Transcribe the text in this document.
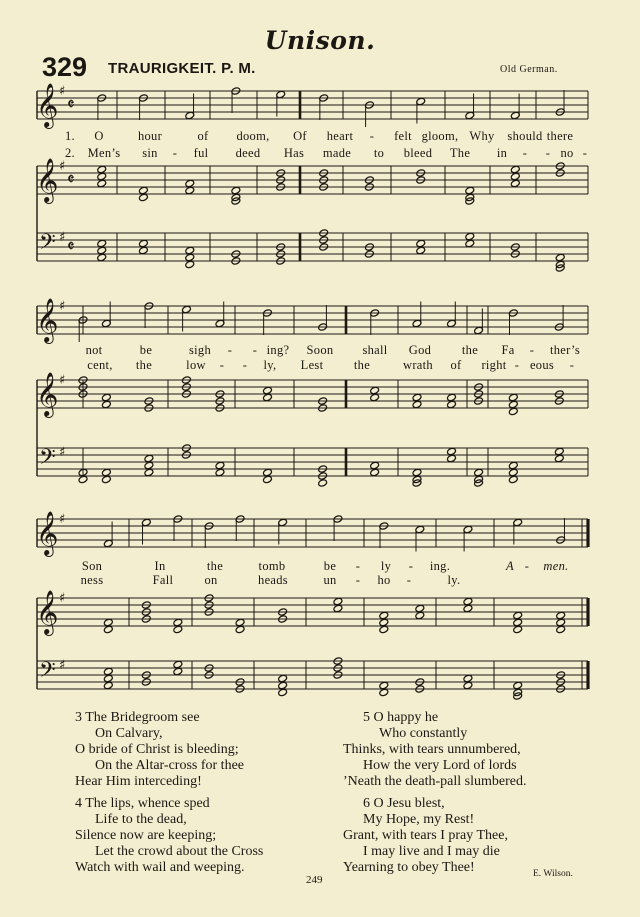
Unison.
329 TRAURIGKEIT. P. M.	Old German.
𝄞 ♯
𝄵
𝄞 ♯
𝄵
𝄢 ♯ 𝄵
𝄞 ♯
𝄞 ♯
𝄢 ♯
𝄞 ♯
𝄞 ♯
𝄢 ♯
1. O	hour	of doom, Of heart - felt gloom, Why should there
2. Men’s sin - ful deed Has made to bleed The in - - no -
not	be	sigh - - ing? Soon shall God the Fa - ther’s
cent, the	low - - ly, Lest the	wrath of right - eous -
Son	In	the	tomb	be - ly - ing.	A - men.
ness	Fall on	heads	un - ho -	ly.
3 The Bridegroom see
On Calvary,
O bride of Christ is bleeding;
On the Altar-cross for thee
Hear Him interceding!
4 The lips, whence sped
Life to the dead,
Silence now are keeping;
Let the crowd about the Cross
Watch with wail and weeping.
5 O happy he
Who constantly
Thinks, with tears unnumbered,
How the very Lord of lords
’Neath the death-pall slumbered.
6 O Jesu blest,
My Hope, my Rest!
Grant, with tears I pray Thee,
I may live and I may die
Yearning to obey Thee!
249	E. Wilson.
